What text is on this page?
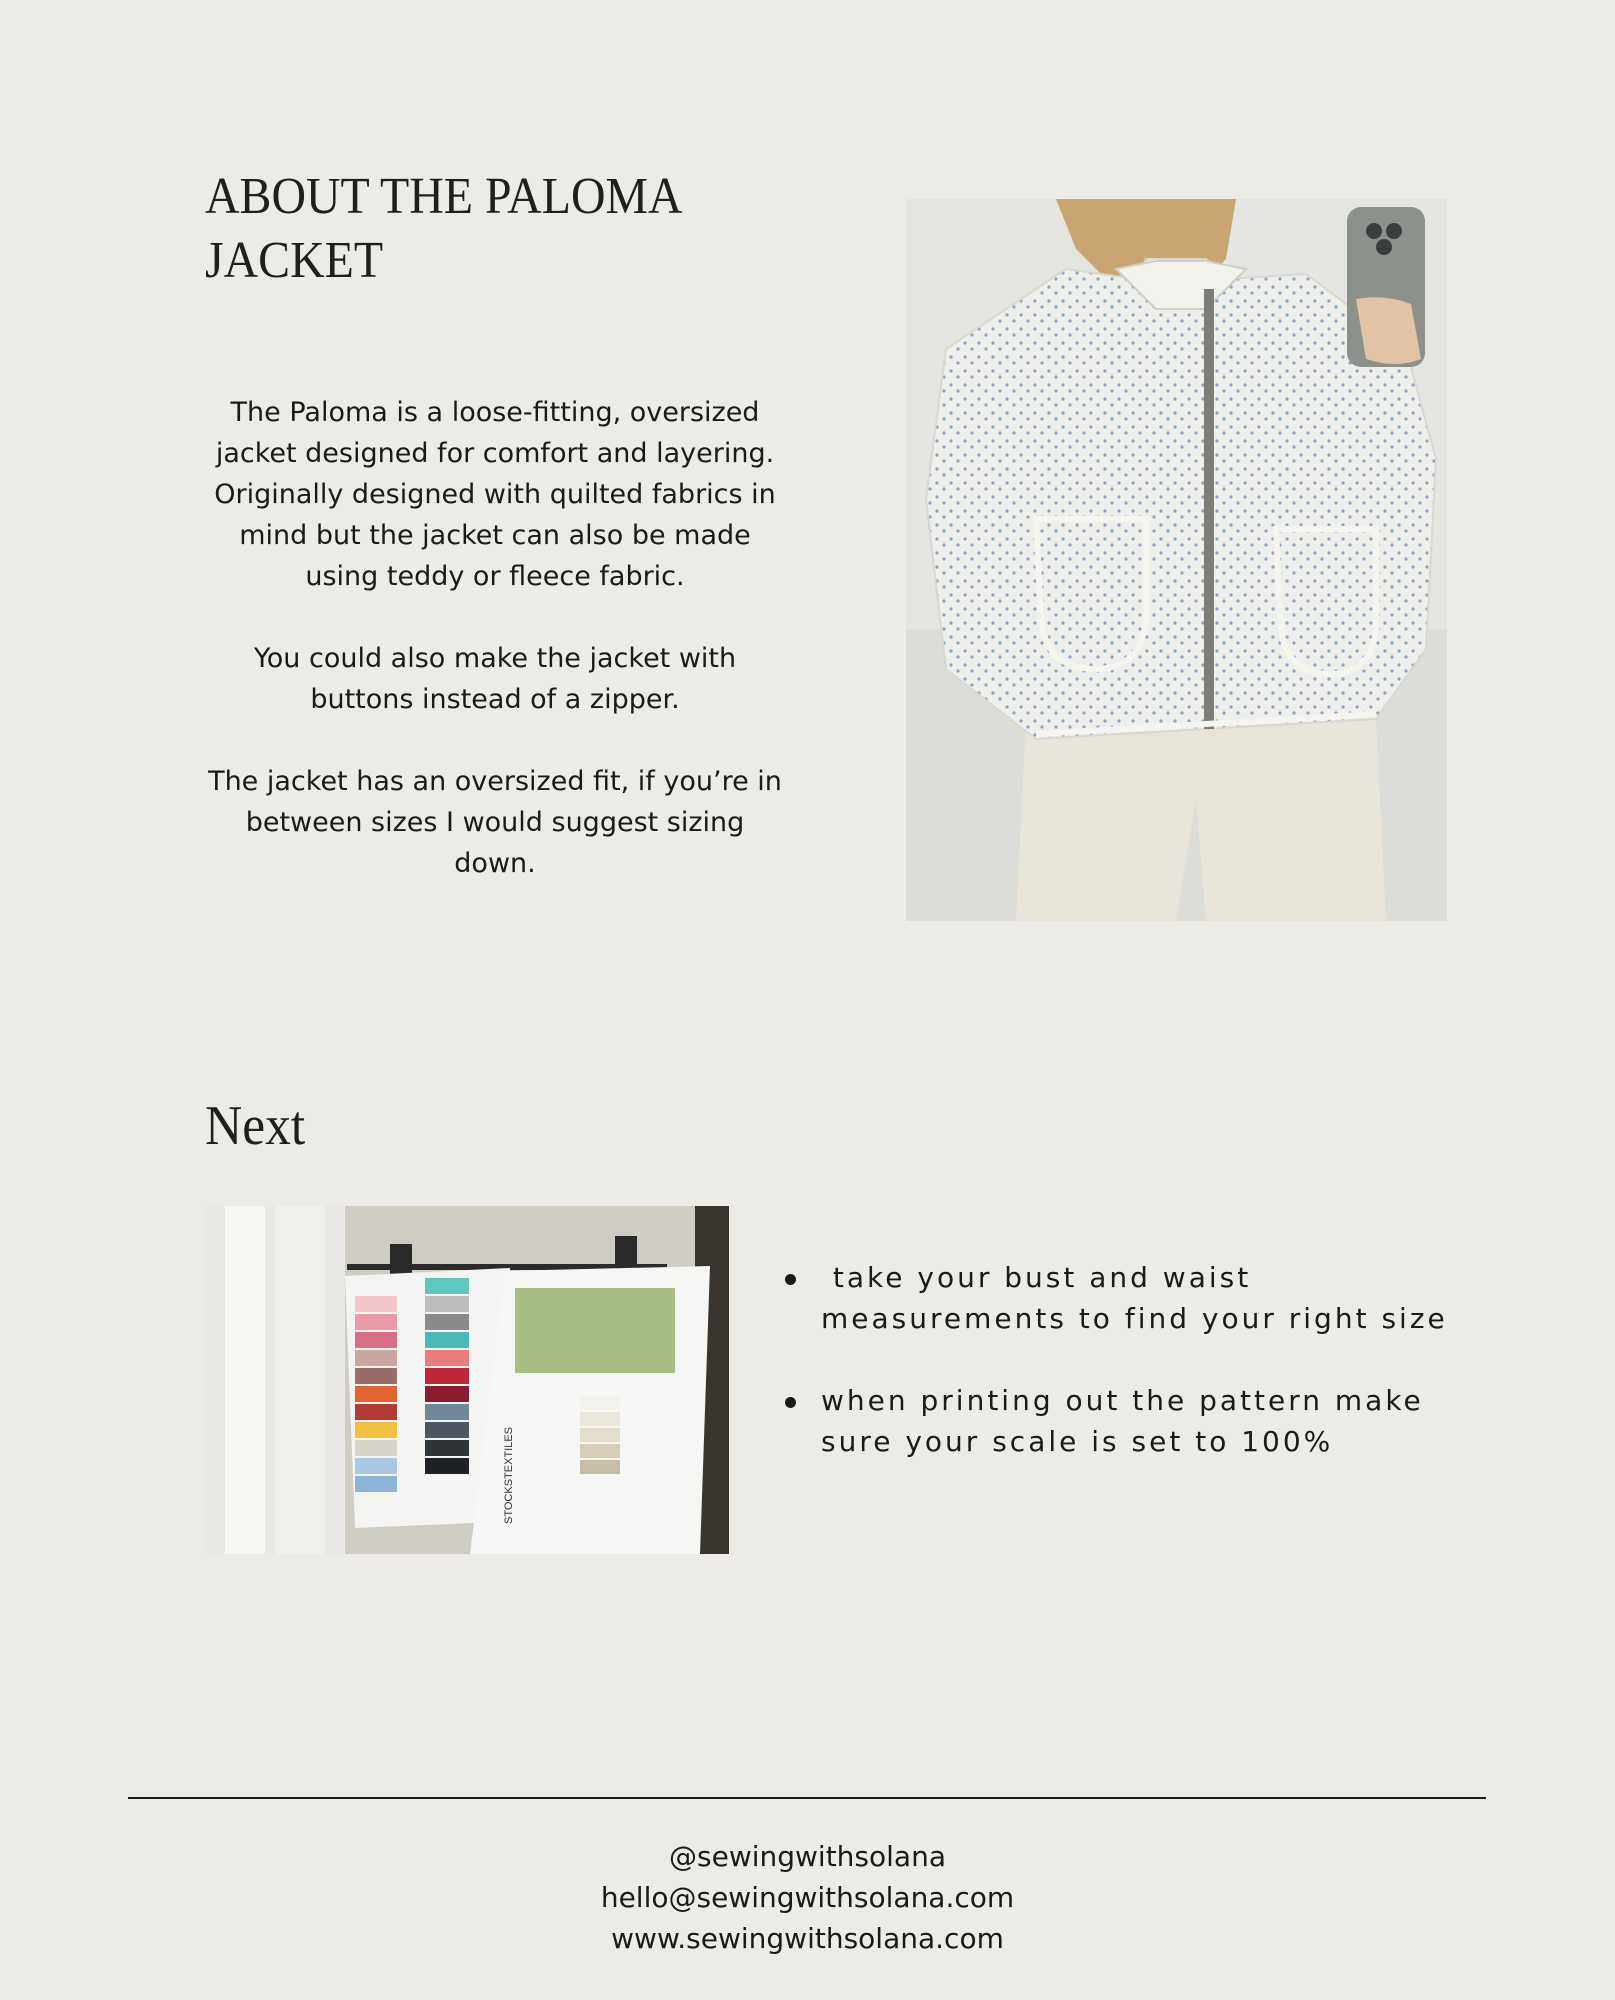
ABOUT THE PALOMA JACKET

The Paloma is a loose-fitting, oversized jacket designed for comfort and layering. Originally designed with quilted fabrics in mind but the jacket can also be made using teddy or fleece fabric.

You could also make the jacket with buttons instead of a zipper.

The jacket has an oversized fit, if you’re in between sizes I would suggest sizing down.

Next
STOCKSTEXTILES
take your bust and waist measurements to find your right size
when printing out the pattern make sure your scale is set to 100%
@sewingwithsolana
hello@sewingwithsolana.com
www.sewingwithsolana.com
